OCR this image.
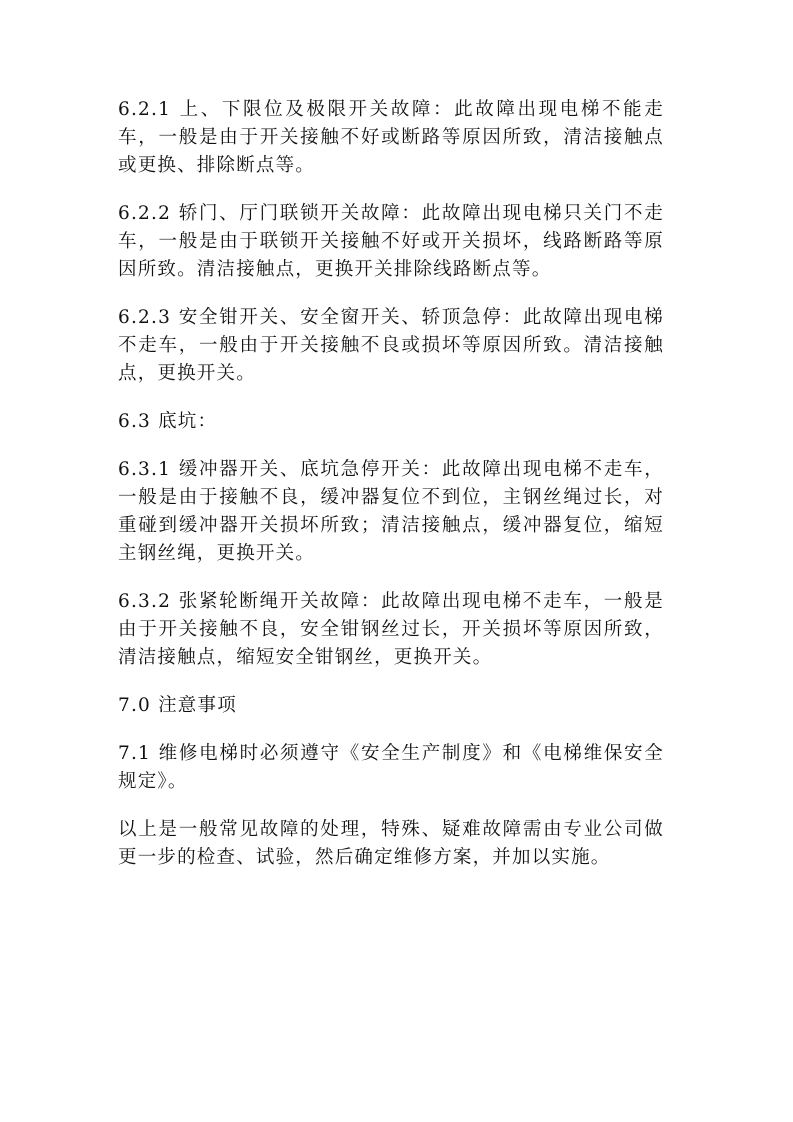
6.2.1 上、下限位及极限开关故障：此故障出现电梯不能走车，一般是由于开关接触不好或断路等原因所致，清洁接触点或更换、排除断点等。

6.2.2 轿门、厅门联锁开关故障：此故障出现电梯只关门不走车，一般是由于联锁开关接触不好或开关损坏，线路断路等原因所致。清洁接触点，更换开关排除线路断点等。

6.2.3 安全钳开关、安全窗开关、轿顶急停：此故障出现电梯不走车，一般由于开关接触不良或损坏等原因所致。清洁接触点，更换开关。

6.3 底坑：

6.3.1 缓冲器开关、底坑急停开关：此故障出现电梯不走车，一般是由于接触不良，缓冲器复位不到位，主钢丝绳过长，对重碰到缓冲器开关损坏所致；清洁接触点，缓冲器复位，缩短主钢丝绳，更换开关。

6.3.2 张紧轮断绳开关故障：此故障出现电梯不走车，一般是由于开关接触不良，安全钳钢丝过长，开关损坏等原因所致，清洁接触点，缩短安全钳钢丝，更换开关。

7.0 注意事项

7.1 维修电梯时必须遵守《安全生产制度》和《电梯维保安全规定》。

以上是一般常见故障的处理，特殊、疑难故障需由专业公司做更一步的检查、试验，然后确定维修方案，并加以实施。
